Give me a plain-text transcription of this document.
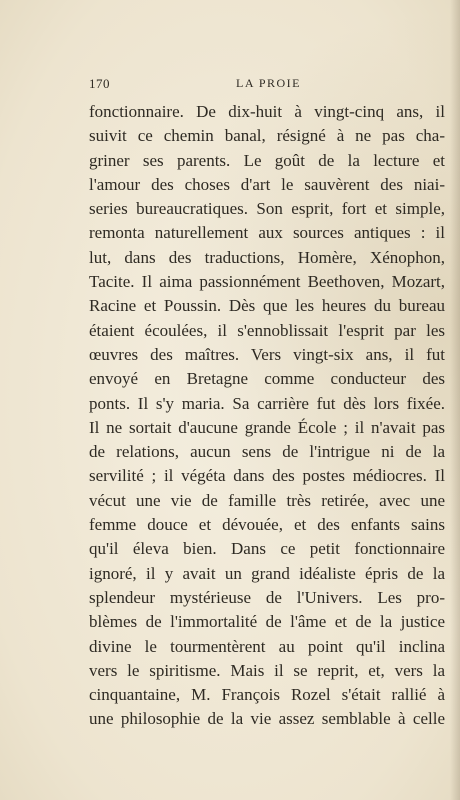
170	LA PROIE
fonctionnaire. De dix-huit à vingt-cinq ans, il
suivit ce chemin banal, résigné à ne pas cha-
griner ses parents. Le goût de la lecture et
l'amour des choses d'art le sauvèrent des niai-
series bureaucratiques. Son esprit, fort et simple,
remonta naturellement aux sources antiques : il
lut, dans des traductions, Homère, Xénophon,
Tacite. Il aima passionnément Beethoven, Mozart,
Racine et Poussin. Dès que les heures du bureau
étaient écoulées, il s'ennoblissait l'esprit par les
œuvres des maîtres. Vers vingt-six ans, il fut
envoyé en Bretagne comme conducteur des
ponts. Il s'y maria. Sa carrière fut dès lors fixée.
Il ne sortait d'aucune grande École ; il n'avait pas
de relations, aucun sens de l'intrigue ni de la
servilité ; il végéta dans des postes médiocres. Il
vécut une vie de famille très retirée, avec une
femme douce et dévouée, et des enfants sains
qu'il éleva bien. Dans ce petit fonctionnaire
ignoré, il y avait un grand idéaliste épris de la
splendeur mystérieuse de l'Univers. Les pro-
blèmes de l'immortalité de l'âme et de la justice
divine le tourmentèrent au point qu'il inclina
vers le spiritisme. Mais il se reprit, et, vers la
cinquantaine, M. François Rozel s'était rallié à
une philosophie de la vie assez semblable à celle
